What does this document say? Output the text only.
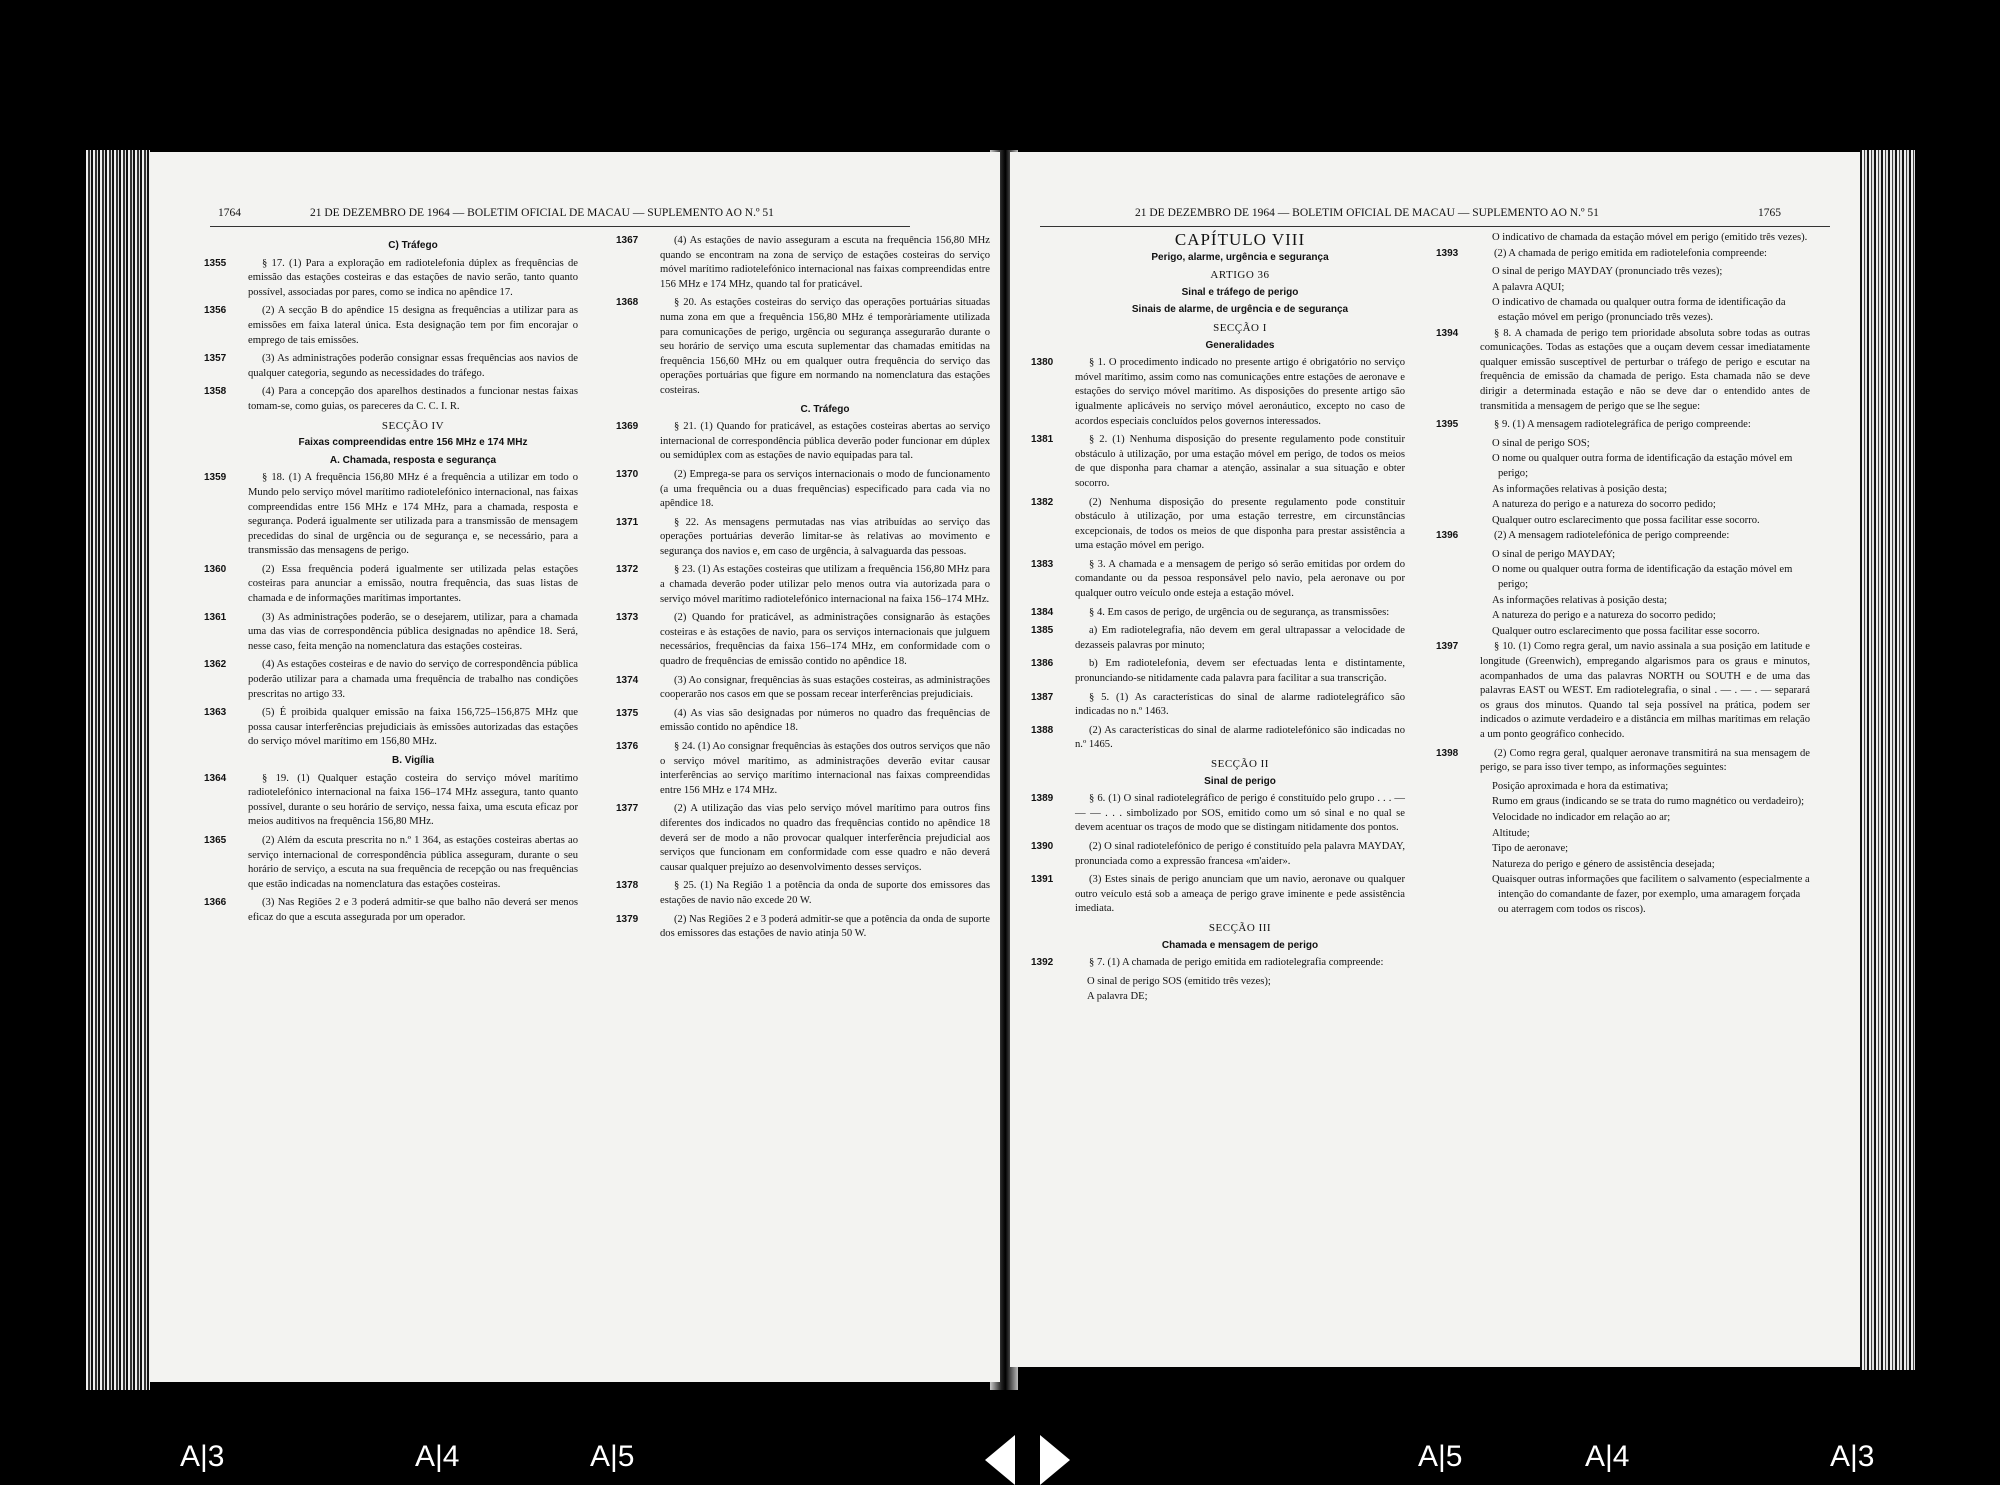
1764	21 DE DEZEMBRO DE 1964 — BOLETIM OFICIAL DE MACAU — SUPLEMENTO AO N.º 51
C) Tráfego
1355	§ 17. (1) Para a exploração em radiotelefonia dúplex as frequências de emissão das estações costeiras e das estações de navio serão, tanto quanto possível, associadas por pares, como se indica no apêndice 17.
1356	(2) A secção B do apêndice 15 designa as frequências a utilizar para as emissões em faixa lateral única. Esta designação tem por fim encorajar o emprego de tais emissões.
1357	(3) As administrações poderão consignar essas frequências aos navios de qualquer categoria, segundo as necessidades do tráfego.
1358	(4) Para a concepção dos aparelhos destinados a funcionar nestas faixas tomam-se, como guias, os pareceres da C. C. I. R.
SECÇÃO IV
Faixas compreendidas entre 156 MHz e 174 MHz
A. Chamada, resposta e segurança
1359	§ 18. (1) A frequência 156,80 MHz é a frequência a utilizar em todo o Mundo pelo serviço móvel marítimo radiotelefónico internacional, nas faixas compreendidas entre 156 MHz e 174 MHz, para a chamada, resposta e segurança. Poderá igualmente ser utilizada para a transmissão de mensagem precedidas do sinal de urgência ou de segurança e, se necessário, para a transmissão das mensagens de perigo.
1360	(2) Essa frequência poderá igualmente ser utilizada pelas estações costeiras para anunciar a emissão, noutra frequência, das suas listas de chamada e de informações marítimas importantes.
1361	(3) As administrações poderão, se o desejarem, utilizar, para a chamada uma das vias de correspondência pública designadas no apêndice 18. Será, nesse caso, feita menção na nomenclatura das estações costeiras.
1362	(4) As estações costeiras e de navio do serviço de correspondência pública poderão utilizar para a chamada uma frequência de trabalho nas condições prescritas no artigo 33.
1363	(5) É proibida qualquer emissão na faixa 156,725–156,875 MHz que possa causar interferências prejudiciais às emissões autorizadas das estações do serviço móvel marítimo em 156,80 MHz.
B. Vigília
1364	§ 19. (1) Qualquer estação costeira do serviço móvel marítimo radiotelefónico internacional na faixa 156–174 MHz assegura, tanto quanto possível, durante o seu horário de serviço, nessa faixa, uma escuta eficaz por meios auditivos na frequência 156,80 MHz.
1365	(2) Além da escuta prescrita no n.º 1 364, as estações costeiras abertas ao serviço internacional de correspondência pública asseguram, durante o seu horário de serviço, a escuta na sua frequência de recepção ou nas frequências que estão indicadas na nomenclatura das estações costeiras.
1366	(3) Nas Regiões 2 e 3 poderá admitir-se que balho não deverá ser menos eficaz do que a escuta assegurada por um operador.
1367	(4) As estações de navio asseguram a escuta na frequência 156,80 MHz quando se encontram na zona de serviço de estações costeiras do serviço móvel marítimo radiotelefónico internacional nas faixas compreendidas entre 156 MHz e 174 MHz, quando tal for praticável.
1368	§ 20. As estações costeiras do serviço das operações portuárias situadas numa zona em que a frequência 156,80 MHz é temporàriamente utilizada para comunicações de perigo, urgência ou segurança assegurarão durante o seu horário de serviço uma escuta suplementar das chamadas emitidas na frequência 156,60 MHz ou em qualquer outra frequência do serviço das operações portuárias que figure em normando na nomenclatura das estações costeiras.
C. Tráfego
1369	§ 21. (1) Quando for praticável, as estações costeiras abertas ao serviço internacional de correspondência pública deverão poder funcionar em dúplex ou semidúplex com as estações de navio equipadas para tal.
1370	(2) Emprega-se para os serviços internacionais o modo de funcionamento (a uma frequência ou a duas frequências) especificado para cada via no apêndice 18.
1371	§ 22. As mensagens permutadas nas vias atribuídas ao serviço das operações portuárias deverão limitar-se às relativas ao movimento e segurança dos navios e, em caso de urgência, à salvaguarda das pessoas.
1372	§ 23. (1) As estações costeiras que utilizam a frequência 156,80 MHz para a chamada deverão poder utilizar pelo menos outra via autorizada para o serviço móvel marítimo radiotelefónico internacional na faixa 156–174 MHz.
1373	(2) Quando for praticável, as administrações consignarão às estações costeiras e às estações de navio, para os serviços internacionais que julguem necessários, frequências da faixa 156–174 MHz, em conformidade com o quadro de frequências de emissão contido no apêndice 18.
1374	(3) Ao consignar, frequências às suas estações costeiras, as administrações cooperarão nos casos em que se possam recear interferências prejudiciais.
1375	(4) As vias são designadas por números no quadro das frequências de emissão contido no apêndice 18.
1376	§ 24. (1) Ao consignar frequências às estações dos outros serviços que não o serviço móvel marítimo, as administrações deverão evitar causar interferências ao serviço marítimo internacional nas faixas compreendidas entre 156 MHz e 174 MHz.
1377	(2) A utilização das vias pelo serviço móvel marítimo para outros fins diferentes dos indicados no quadro das frequências contido no apêndice 18 deverá ser de modo a não provocar qualquer interferência prejudicial aos serviços que funcionam em conformidade com esse quadro e não deverá causar qualquer prejuízo ao desenvolvimento desses serviços.
1378	§ 25. (1) Na Região 1 a potência da onda de suporte dos emissores das estações de navio não excede 20 W.
1379	(2) Nas Regiões 2 e 3 poderá admitir-se que a potência da onda de suporte dos emissores das estações de navio atinja 50 W.
21 DE DEZEMBRO DE 1964 — BOLETIM OFICIAL DE MACAU — SUPLEMENTO AO N.º 51	1765
CAPÍTULO VIII
Perigo, alarme, urgência e segurança
ARTIGO 36
Sinal e tráfego de perigo
Sinais de alarme, de urgência e de segurança
SECÇÃO I
Generalidades
1380	§ 1. O procedimento indicado no presente artigo é obrigatório no serviço móvel marítimo, assim como nas comunicações entre estações de aeronave e estações do serviço móvel marítimo. As disposições do presente artigo são igualmente aplicáveis no serviço móvel aeronáutico, excepto no caso de acordos especiais concluídos pelos governos interessados.
1381	§ 2. (1) Nenhuma disposição do presente regulamento pode constituir obstáculo à utilização, por uma estação móvel em perigo, de todos os meios de que disponha para chamar a atenção, assinalar a sua situação e obter socorro.
1382	(2) Nenhuma disposição do presente regulamento pode constituir obstáculo à utilização, por uma estação terrestre, em circunstâncias excepcionais, de todos os meios de que disponha para prestar assistência a uma estação móvel em perigo.
1383	§ 3. A chamada e a mensagem de perigo só serão emitidas por ordem do comandante ou da pessoa responsável pelo navio, pela aeronave ou por qualquer outro veículo onde esteja a estação móvel.
1384	§ 4. Em casos de perigo, de urgência ou de segurança, as transmissões:
1385	a) Em radiotelegrafia, não devem em geral ultrapassar a velocidade de dezasseis palavras por minuto;
1386	b) Em radiotelefonia, devem ser efectuadas lenta e distintamente, pronunciando-se nitidamente cada palavra para facilitar a sua transcrição.
1387	§ 5. (1) As características do sinal de alarme radiotelegráfico são indicadas no n.º 1463.
1388	(2) As características do sinal de alarme radiotelefónico são indicadas no n.º 1465.
SECÇÃO II
Sinal de perigo
1389	§ 6. (1) O sinal radiotelegráfico de perigo é constituído pelo grupo . . . — — — . . . simbolizado por SOS, emitido como um só sinal e no qual se devem acentuar os traços de modo que se distingam nitidamente dos pontos.
1390	(2) O sinal radiotelefónico de perigo é constituído pela palavra MAYDAY, pronunciada como a expressão francesa «m'aider».
1391	(3) Estes sinais de perigo anunciam que um navio, aeronave ou qualquer outro veículo está sob a ameaça de perigo grave iminente e pede assistência imediata.
SECÇÃO III
Chamada e mensagem de perigo
1392	§ 7. (1) A chamada de perigo emitida em radiotelegrafia compreende:
O sinal de perigo SOS (emitido três vezes);
A palavra DE;
O indicativo de chamada da estação móvel em perigo (emitido três vezes).
1393	(2) A chamada de perigo emitida em radiotelefonia compreende:
O sinal de perigo MAYDAY (pronunciado três vezes);
A palavra AQUI;
O indicativo de chamada ou qualquer outra forma de identificação da estação móvel em perigo (pronunciado três vezes).
1394	§ 8. A chamada de perigo tem prioridade absoluta sobre todas as outras comunicações. Todas as estações que a ouçam devem cessar imediatamente qualquer emissão susceptível de perturbar o tráfego de perigo e escutar na frequência de emissão da chamada de perigo. Esta chamada não se deve dirigir a determinada estação e não se deve dar o entendido antes de transmitida a mensagem de perigo que se lhe segue:
1395	§ 9. (1) A mensagem radiotelegráfica de perigo compreende:
O sinal de perigo SOS;
O nome ou qualquer outra forma de identificação da estação móvel em perigo;
As informações relativas à posição desta;
A natureza do perigo e a natureza do socorro pedido;
Qualquer outro esclarecimento que possa facilitar esse socorro.
1396	(2) A mensagem radiotelefónica de perigo compreende:
O sinal de perigo MAYDAY;
O nome ou qualquer outra forma de identificação da estação móvel em perigo;
As informações relativas à posição desta;
A natureza do perigo e a natureza do socorro pedido;
Qualquer outro esclarecimento que possa facilitar esse socorro.
1397	§ 10. (1) Como regra geral, um navio assinala a sua posição em latitude e longitude (Greenwich), empregando algarismos para os graus e minutos, acompanhados de uma das palavras NORTH ou SOUTH e de uma das palavras EAST ou WEST. Em radiotelegrafia, o sinal . — . — . — separará os graus dos minutos. Quando tal seja possível na prática, podem ser indicados o azimute verdadeiro e a distância em milhas marítimas em relação a um ponto geográfico conhecido.
1398	(2) Como regra geral, qualquer aeronave transmitirá na sua mensagem de perigo, se para isso tiver tempo, as informações seguintes:
Posição aproximada e hora da estimativa;
Rumo em graus (indicando se se trata do rumo magnético ou verdadeiro);
Velocidade no indicador em relação ao ar;
Altitude;
Tipo de aeronave;
Natureza do perigo e género de assistência desejada;
Quaisquer outras informações que facilitem o salvamento (especialmente a intenção do comandante de fazer, por exemplo, uma amaragem forçada ou aterragem com todos os riscos).
A|3	A|4	A|5	A|5	A|4	A|3
